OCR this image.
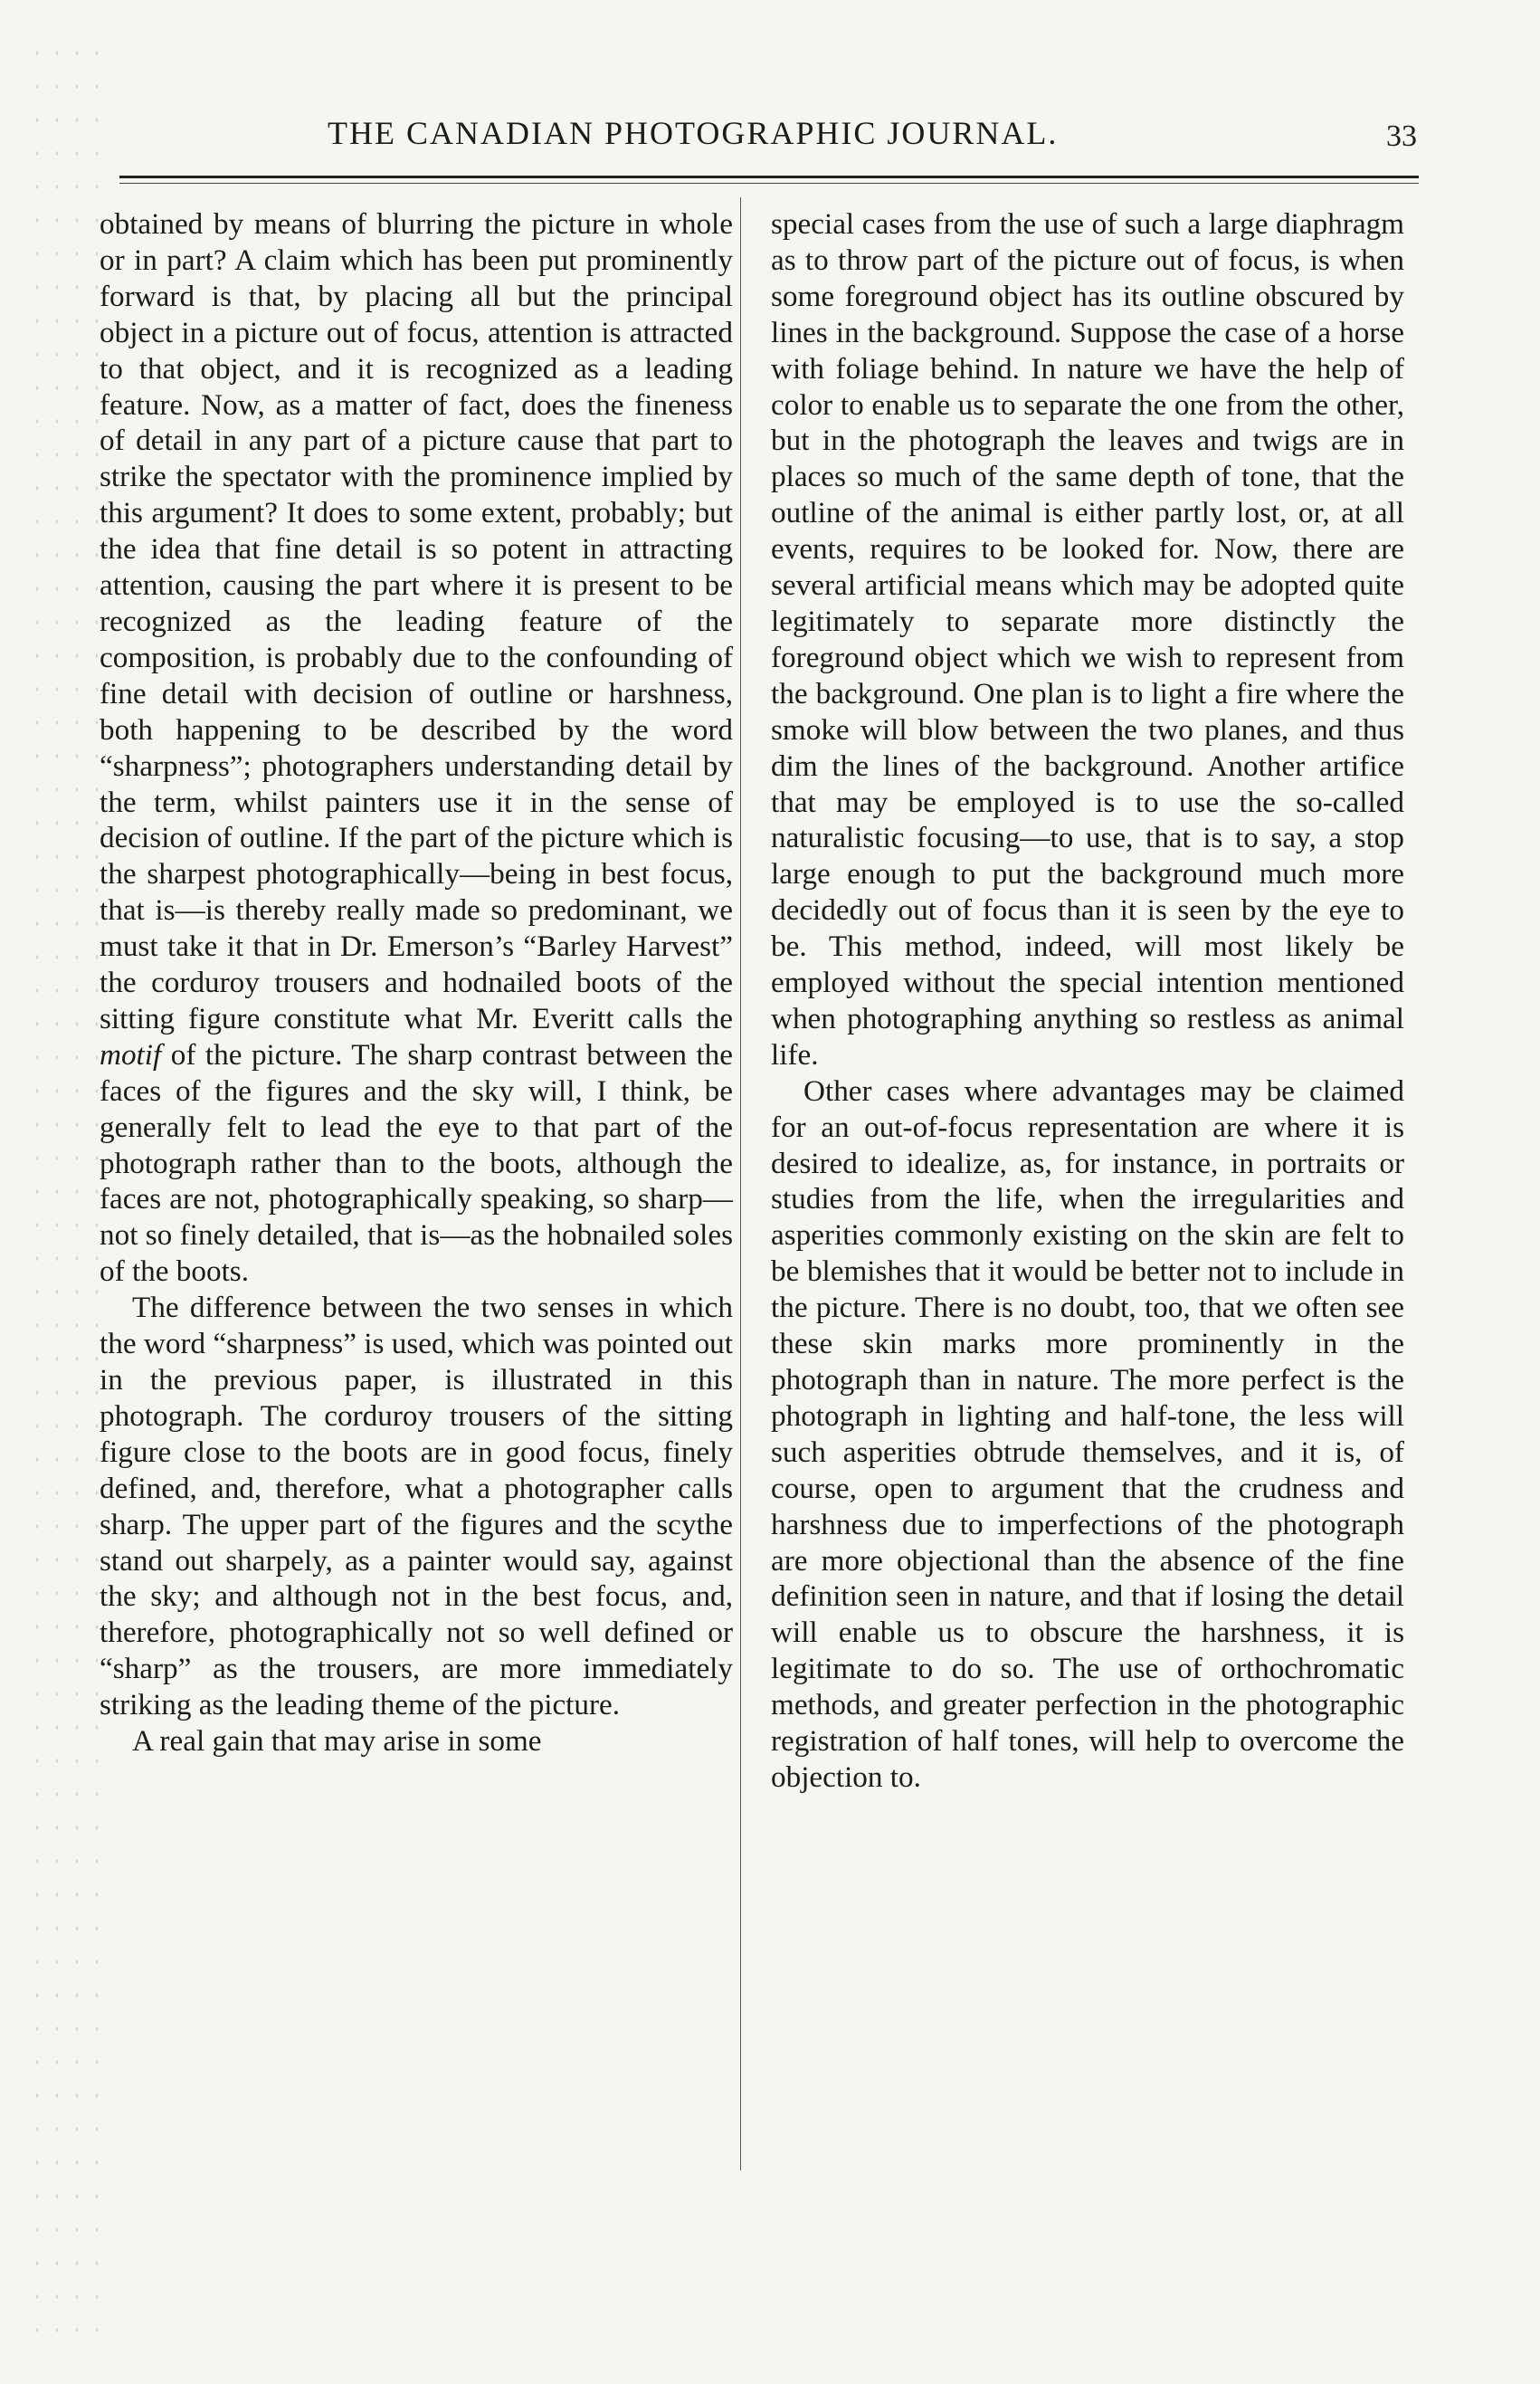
THE CANADIAN PHOTOGRAPHIC JOURNAL.	33

obtained by means of blurring the picture in whole or in part? A claim which has been put prominently forward is that, by placing all but the principal object in a picture out of focus, attention is attracted to that object, and it is recognized as a leading feature. Now, as a matter of fact, does the fineness of detail in any part of a picture cause that part to strike the spectator with the prominence implied by this argument? It does to some extent, probably; but the idea that fine detail is so potent in attracting attention, causing the part where it is present to be recognized as the leading feature of the composition, is probably due to the confounding of fine detail with decision of outline or harshness, both happening to be described by the word “sharpness”; photographers understanding detail by the term, whilst painters use it in the sense of decision of outline. If the part of the picture which is the sharpest photographically—being in best focus, that is—is thereby really made so predominant, we must take it that in Dr. Emerson’s “Barley Harvest” the corduroy trousers and hodnailed boots of the sitting figure constitute what Mr. Everitt calls the motif of the picture. The sharp contrast between the faces of the figures and the sky will, I think, be generally felt to lead the eye to that part of the photograph rather than to the boots, although the faces are not, photographically speaking, so sharp—not so finely detailed, that is—as the hobnailed soles of the boots.

The difference between the two senses in which the word “sharpness” is used, which was pointed out in the previous paper, is illustrated in this photograph. The corduroy trousers of the sitting figure close to the boots are in good focus, finely defined, and, therefore, what a photographer calls sharp. The upper part of the figures and the scythe stand out sharpely, as a painter would say, against the sky; and although not in the best focus, and, therefore, photographically not so well defined or “sharp” as the trousers, are more immediately striking as the leading theme of the picture.

A real gain that may arise in some

special cases from the use of such a large diaphragm as to throw part of the picture out of focus, is when some foreground object has its outline obscured by lines in the background. Suppose the case of a horse with foliage behind. In nature we have the help of color to enable us to separate the one from the other, but in the photograph the leaves and twigs are in places so much of the same depth of tone, that the outline of the animal is either partly lost, or, at all events, requires to be looked for. Now, there are several artificial means which may be adopted quite legitimately to separate more distinctly the foreground object which we wish to represent from the background. One plan is to light a fire where the smoke will blow between the two planes, and thus dim the lines of the background. Another artifice that may be employed is to use the so-called naturalistic focusing—to use, that is to say, a stop large enough to put the background much more decidedly out of focus than it is seen by the eye to be. This method, indeed, will most likely be employed without the special intention mentioned when photographing anything so restless as animal life.

Other cases where advantages may be claimed for an out-of-focus representation are where it is desired to idealize, as, for instance, in portraits or studies from the life, when the irregularities and asperities commonly existing on the skin are felt to be blemishes that it would be better not to include in the picture. There is no doubt, too, that we often see these skin marks more prominently in the photograph than in nature. The more perfect is the photograph in lighting and half-tone, the less will such asperities obtrude themselves, and it is, of course, open to argument that the crudness and harshness due to imperfections of the photograph are more objectional than the absence of the fine definition seen in nature, and that if losing the detail will enable us to obscure the harshness, it is legitimate to do so. The use of orthochromatic methods, and greater perfection in the photographic registration of half tones, will help to overcome the objection to.
